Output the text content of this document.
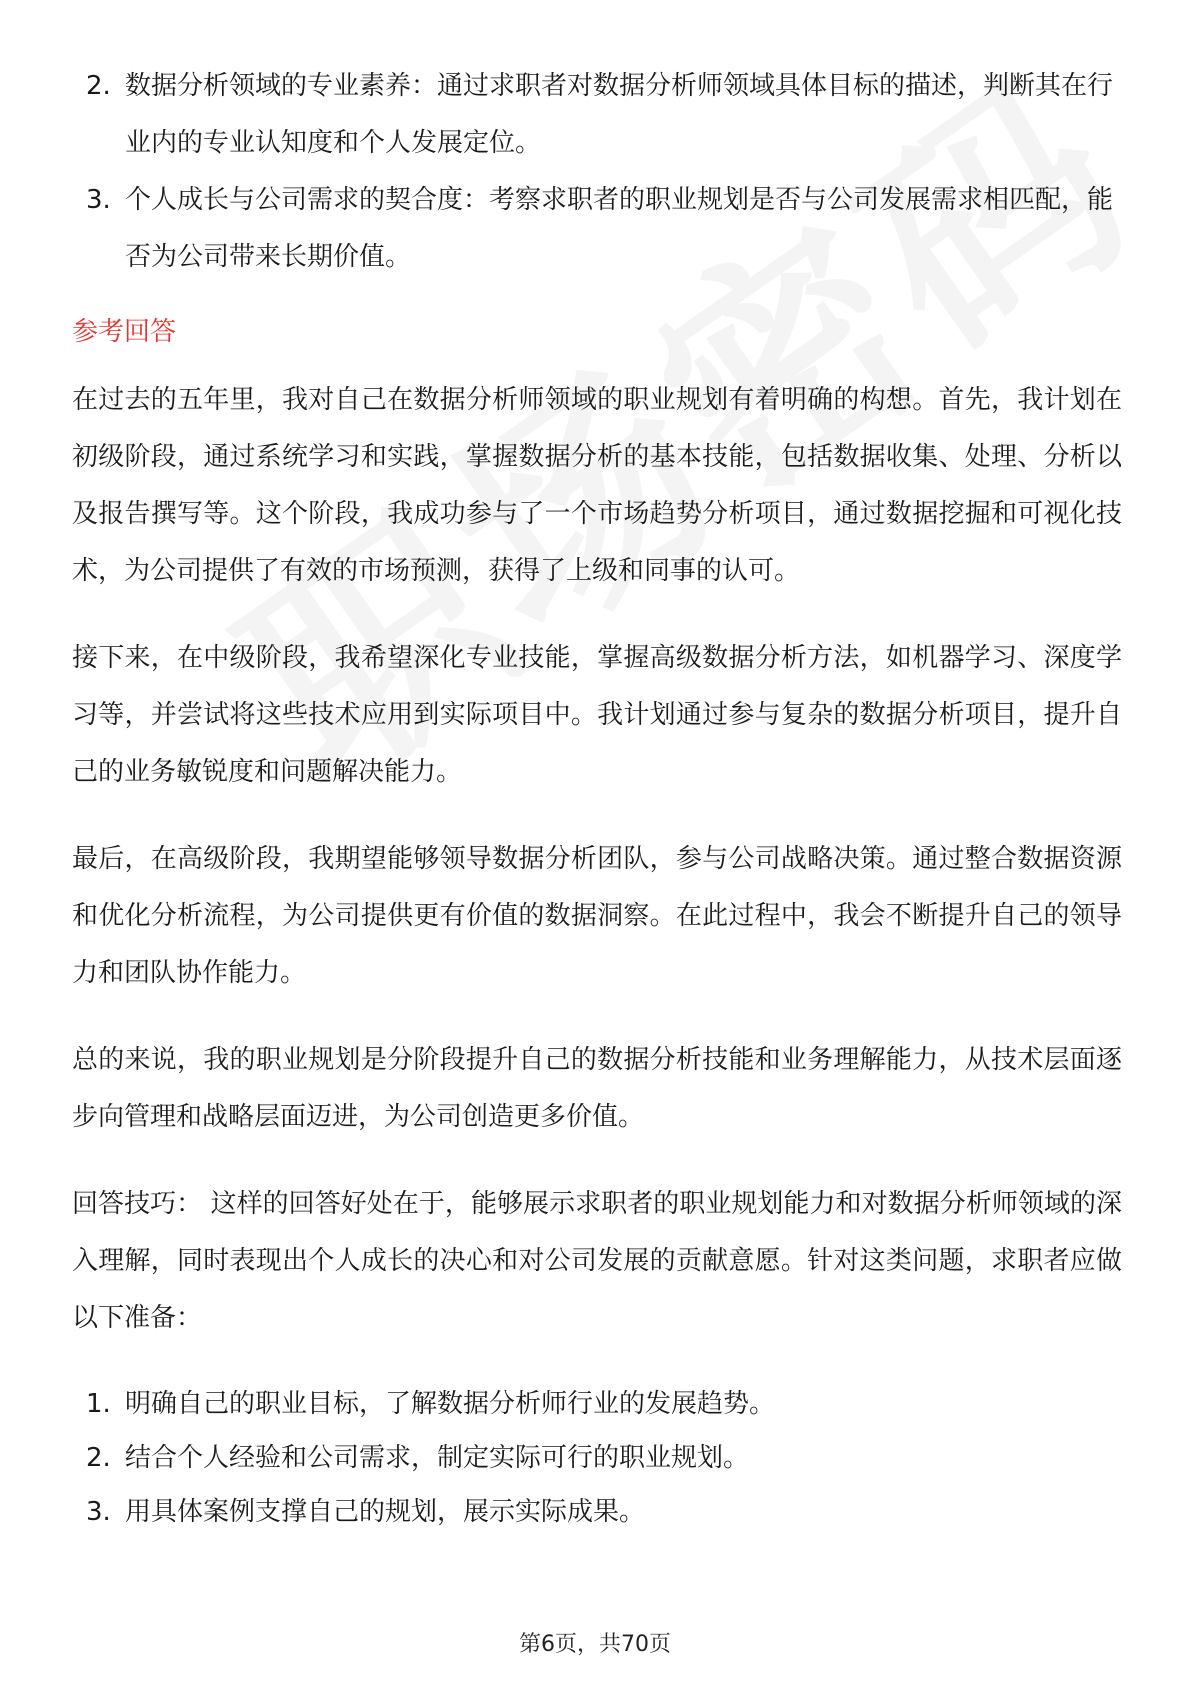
2. 数据分析领域的专业素养：通过求职者对数据分析师领域具体目标的描述，判断其在行业内的专业认知度和个人发展定位。
3. 个人成长与公司需求的契合度：考察求职者的职业规划是否与公司发展需求相匹配，能否为公司带来长期价值。
参考回答

在过去的五年里，我对自己在数据分析师领域的职业规划有着明确的构想。首先，我计划在初级阶段，通过系统学习和实践，掌握数据分析的基本技能，包括数据收集、处理、分析以及报告撰写等。这个阶段，我成功参与了一个市场趋势分析项目，通过数据挖掘和可视化技术，为公司提供了有效的市场预测，获得了上级和同事的认可。

接下来，在中级阶段，我希望深化专业技能，掌握高级数据分析方法，如机器学习、深度学习等，并尝试将这些技术应用到实际项目中。我计划通过参与复杂的数据分析项目，提升自己的业务敏锐度和问题解决能力。

最后，在高级阶段，我期望能够领导数据分析团队，参与公司战略决策。通过整合数据资源和优化分析流程，为公司提供更有价值的数据洞察。在此过程中，我会不断提升自己的领导力和团队协作能力。

总的来说，我的职业规划是分阶段提升自己的数据分析技能和业务理解能力，从技术层面逐步向管理和战略层面迈进，为公司创造更多价值。

回答技巧： 这样的回答好处在于，能够展示求职者的职业规划能力和对数据分析师领域的深入理解，同时表现出个人成长的决心和对公司发展的贡献意愿。针对这类问题，求职者应做以下准备：

1. 明确自己的职业目标，了解数据分析师行业的发展趋势。
2. 结合个人经验和公司需求，制定实际可行的职业规划。
3. 用具体案例支撑自己的规划，展示实际成果。
第6页，共70页
